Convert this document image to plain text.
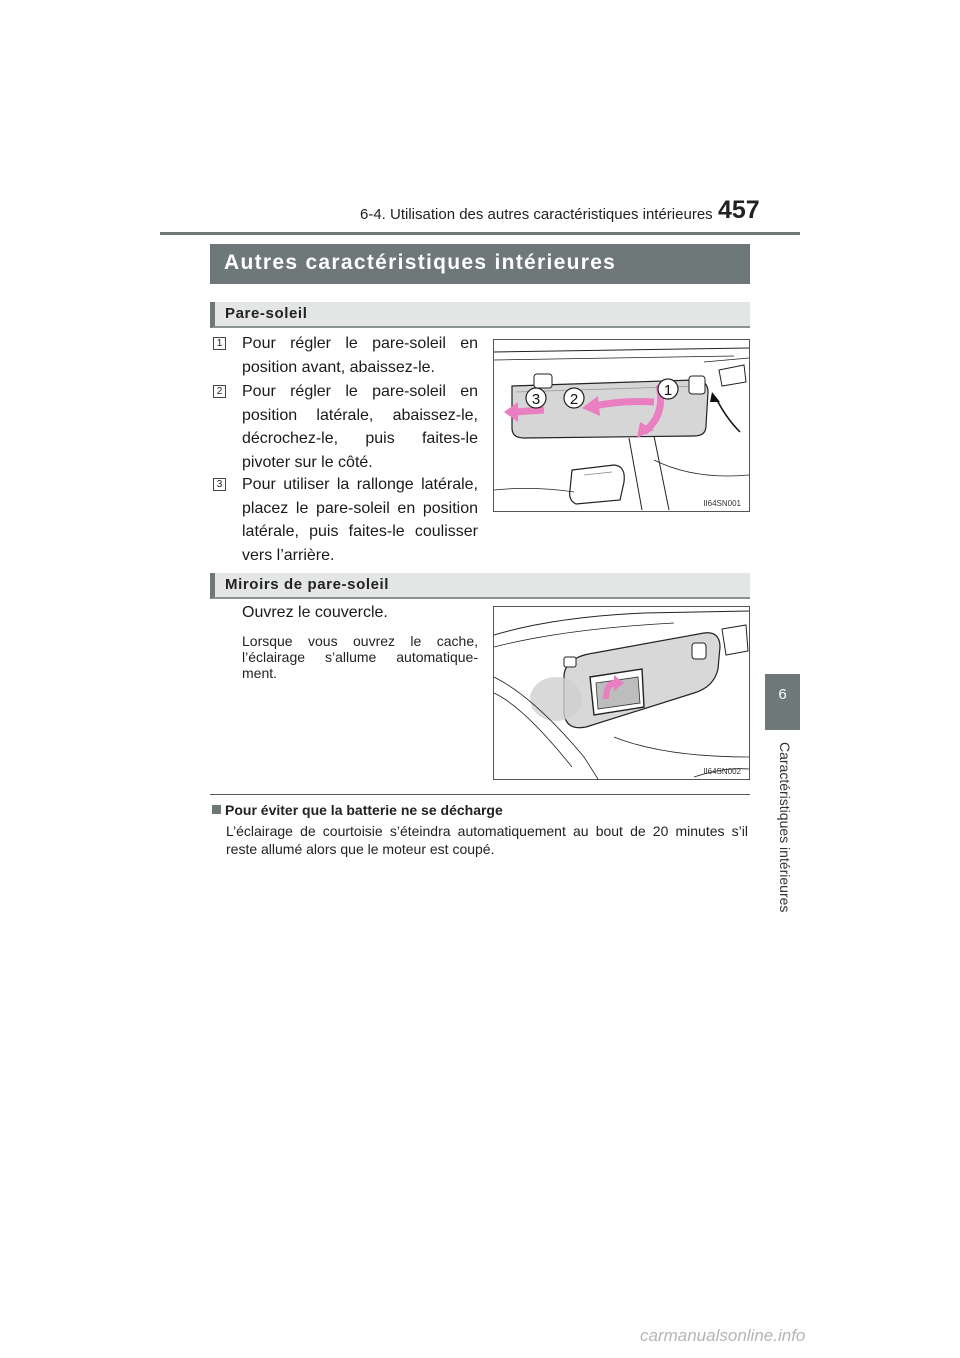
6-4. Utilisation des autres caractéristiques intérieures 457
6
Caractéristiques intérieures
Autres caractéristiques intérieures
Pare-soleil
1 Pour régler le pare-soleil en position avant, abaissez-le.
2 Pour régler le pare-soleil en position latérale, abaissez-le, décrochez-le, puis faites-le pivoter sur le côté.
3 Pour utiliser la rallonge latérale, placez le pare-soleil en position latérale, puis faites-le coulisser vers l’arrière.
3 2
1
II64SN001
Miroirs de pare-soleil
Ouvrez le couvercle.
Lorsque vous ouvrez le cache, l’éclairage s’allume automatique-ment.
II64SN002
Pour éviter que la batterie ne se décharge
L’éclairage de courtoisie s’éteindra automatiquement au bout de 20 minutes s’il reste allumé alors que le moteur est coupé.
carmanualsonline.info
